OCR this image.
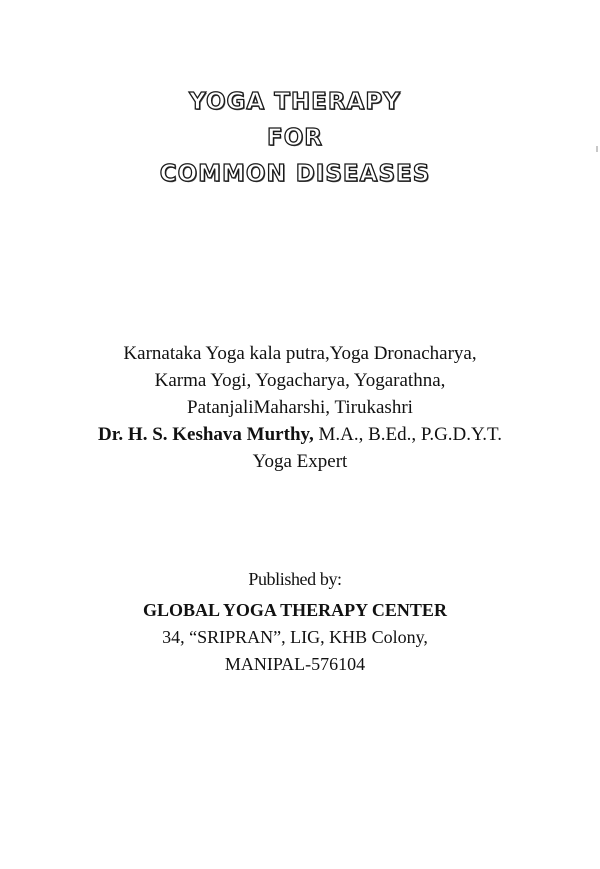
YOGA THERAPY
FOR
COMMON DISEASES
Karnataka Yoga kala putra,Yoga Dronacharya,
Karma Yogi, Yogacharya, Yogarathna,
PatanjaliMaharshi, Tirukashri
Dr. H. S. Keshava Murthy, M.A., B.Ed., P.G.D.Y.T.
Yoga Expert
Published by:
GLOBAL YOGA THERAPY CENTER
34, “SRIPRAN”, LIG, KHB Colony,
MANIPAL-576104
